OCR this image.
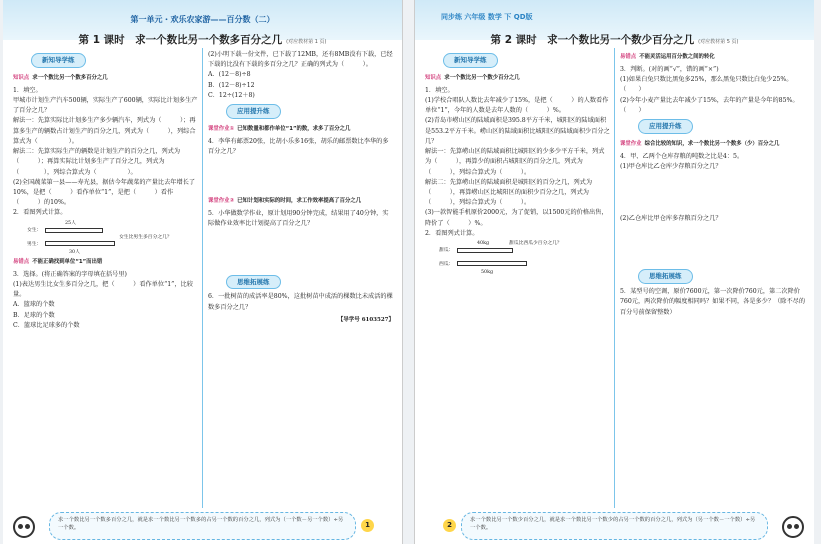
第一单元・欢乐农家游——百分数（二）
第 1 课时　求一个数比另一个数多百分之几 (对应教材第 1 页)
新知导学练
知识点 求一个数比另一个数多百分之几

1．填空。

甲城市计划生产汽车500辆，实际生产了600辆，实际比计划多生产了百分之几？

解法一：先算实际比计划多生产多少辆汽车，列式为（　　　）；再算多生产的辆数占计划生产的百分之几，列式为（　　　），列综合算式为（　　　　　）。

解法二：先算实际生产的辆数是计划生产的百分之几，列式为（　　　）；再算实际比计划多生产了百分之几，列式为（　　　　），列综合算式为（　　　　　）。

(2)全国蔬菜第一县——寿光县，据估今年蔬菜的产量比去年增长了10%，是把（　　　）看作单位“1”，是把（　　　）看作（　　　）的10%。

2．看图列式计算。

女生：
男生：
25人
女生比男生多百分之几？
30人
易错点 不能正确找到单位“1”而出错

3．选择。(将正确答案的字母填在括号里)

(1)表达男生比女生多百分之几，把（　　　）看作单位“1”，比较量。

A．篮球的个数

B．足球的个数

C．篮球比足球多的个数

(2)小明下载一份文件，已下载了12MB，还有8MB没有下载，已经下载的比没有下载的多百分之几？正确的列式为（　　　）。

A．(12－8)÷8

B．(12－8)÷12

C．12÷(12＋8)

应用提升练
课堂作业① 已知数量和都作单位“1”的数，求多了百分之几

4．李华有邮票20张，比胡小乐多16张，胡乐的邮票数比李华的多百分之几？

课堂作业② 已知计划和实际的时间，求工作效率提高了百分之几

5．小华做数学作业，原计划用90分钟完成，结果用了40分钟，实际做作业效率比计划提高了百分之几？

思维拓展练

6．一批树苗的成活率是80%，这批树苗中成活的棵数比未成活的棵数多百分之几？

【导学号 6103527】
求一个数比另一个数多百分之几，就是求一个数比另一个数多的占另一个数的百分之几，列式为（一个数－另一个数）÷另一个数。	1
同步练 六年级 数学 下 QD版
第 2 课时　求一个数比另一个数少百分之几 (对应教材第 5 页)
新知导学练
知识点 求一个数比另一个数少百分之几

1．填空。

(1)学校合唱队人数比去年减少了15%，是把（　　　）的人数看作单位“1”，今年的人数是去年人数的（　　　）%。

(2)青岛市崂山区的陆域面积是395.8平方千米，城阳区的陆域面积是553.2平方千米。崂山区的陆域面积比城阳区的陆域面积少百分之几？

解法一：先算崂山区的陆域面积比城阳区的少多少平方千米，列式为（　　　），再算少的面积占城阳区的百分之几，列式为（　　　），列综合算式为（　　　）。

解法二：先算崂山区的陆域面积是城阳区的百分之几，列式为（　　　），再算崂山区比城阳区的面积少百分之几，列式为（　　　），列综合算式为（　　　）。

(3)一款智能手机原价2000元，为了促销，以1500元的价格出售，降价了（　　　）%。

2．看图列式计算。

甜瓜：
西瓜：
40kg	甜瓜比西瓜少百分之几？
50kg
易错点 不能灵活运用百分数之间的转化

3．判断。(对的画“√”，错的画“×”)

(1)如果白兔只数比黑兔多25%，那么黑兔只数比白兔少25%。（　　）

(2)今年小麦产量比去年减少了15%，去年的产量是今年的85%。（　　）

应用提升练
课堂作业 综合比较的知识，求一个数比另一个数多（少）百分之几

4．甲、乙两个仓库存粮的吨数之比是4：5。

(1)甲仓库比乙仓库少存粮百分之几？

(2)乙仓库比甲仓库多存粮百分之几？

思维拓展练

5．某型号的空调，原价7600元，第一次降价760元，第二次降价760元，两次降价的幅度相同吗？如果不同，各是多少？（除不尽的百分号前保留整数）

2
求一个数比另一个数少百分之几，就是求一个数比另一个数少的占另一个数的百分之几，列式为（另一个数－一个数）÷另一个数。
